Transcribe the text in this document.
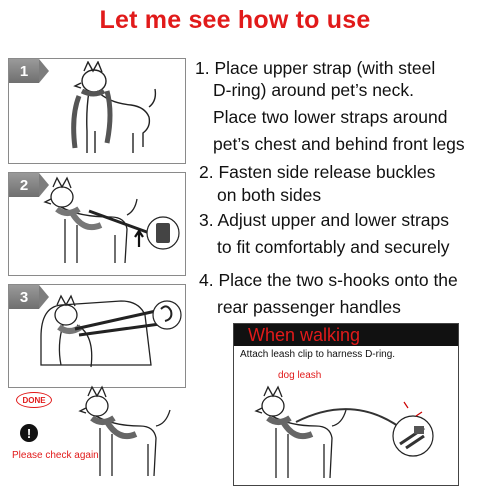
Let me see how to use
1
2
3
DONE
!
Please check again
1. Place upper strap (with steel
D-ring) around pet’s neck.
Place two lower straps around
pet’s chest and behind front legs
2. Fasten side release buckles
on both sides
3. Adjust upper and lower straps
to fit comfortably and securely
4. Place the two s-hooks onto the
rear passenger handles
When walking
Attach leash clip to harness D-ring.
dog leash
